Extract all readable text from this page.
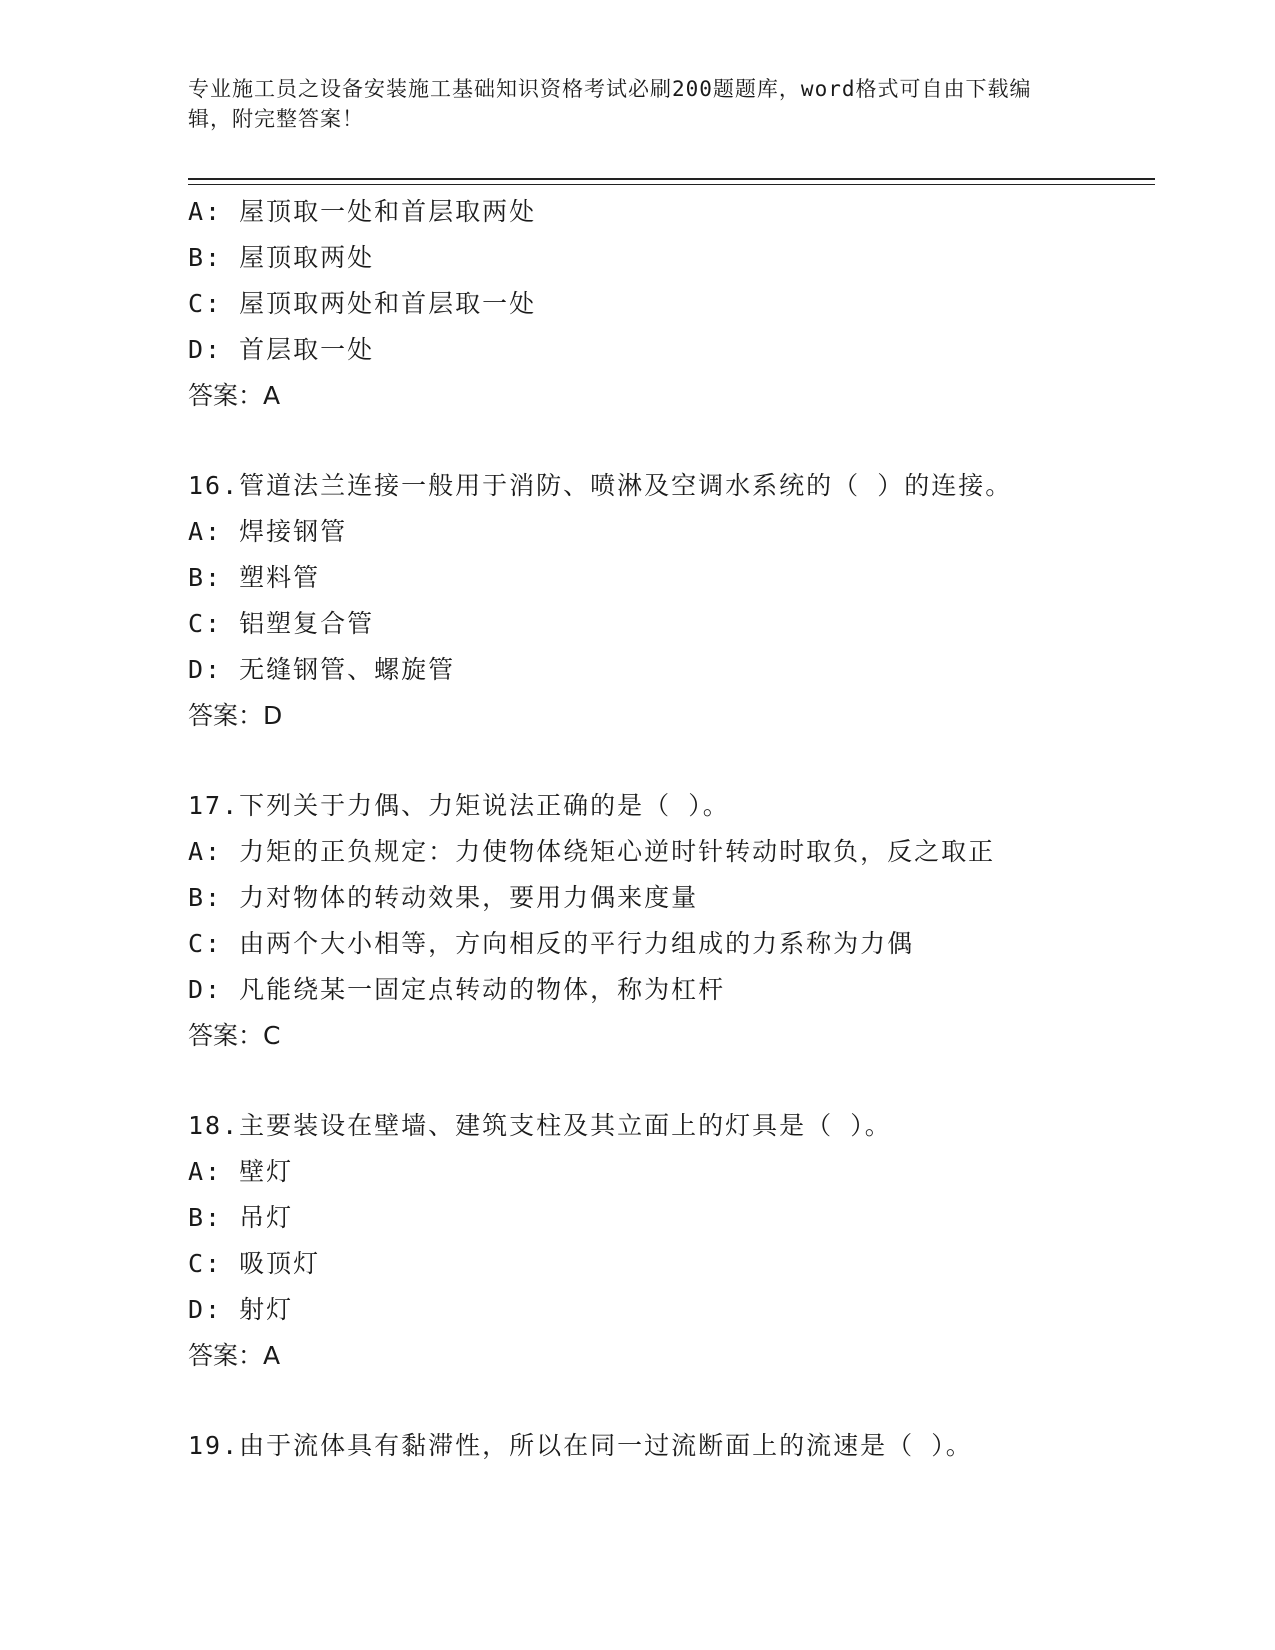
专业施工员之设备安装施工基础知识资格考试必刷200题题库，word格式可自由下载编辑，附完整答案！
A: 屋顶取一处和首层取两处
B: 屋顶取两处
C: 屋顶取两处和首层取一处
D: 首层取一处
答案：A
16.管道法兰连接一般用于消防、喷淋及空调水系统的（ ）的连接。
A: 焊接钢管
B: 塑料管
C: 铝塑复合管
D: 无缝钢管、螺旋管
答案：D
17.下列关于力偶、力矩说法正确的是（ ）。
A: 力矩的正负规定：力使物体绕矩心逆时针转动时取负，反之取正
B: 力对物体的转动效果，要用力偶来度量
C: 由两个大小相等，方向相反的平行力组成的力系称为力偶
D: 凡能绕某一固定点转动的物体，称为杠杆
答案：C
18.主要装设在壁墙、建筑支柱及其立面上的灯具是（ ）。
A: 壁灯
B: 吊灯
C: 吸顶灯
D: 射灯
答案：A
19.由于流体具有黏滞性，所以在同一过流断面上的流速是（ ）。
